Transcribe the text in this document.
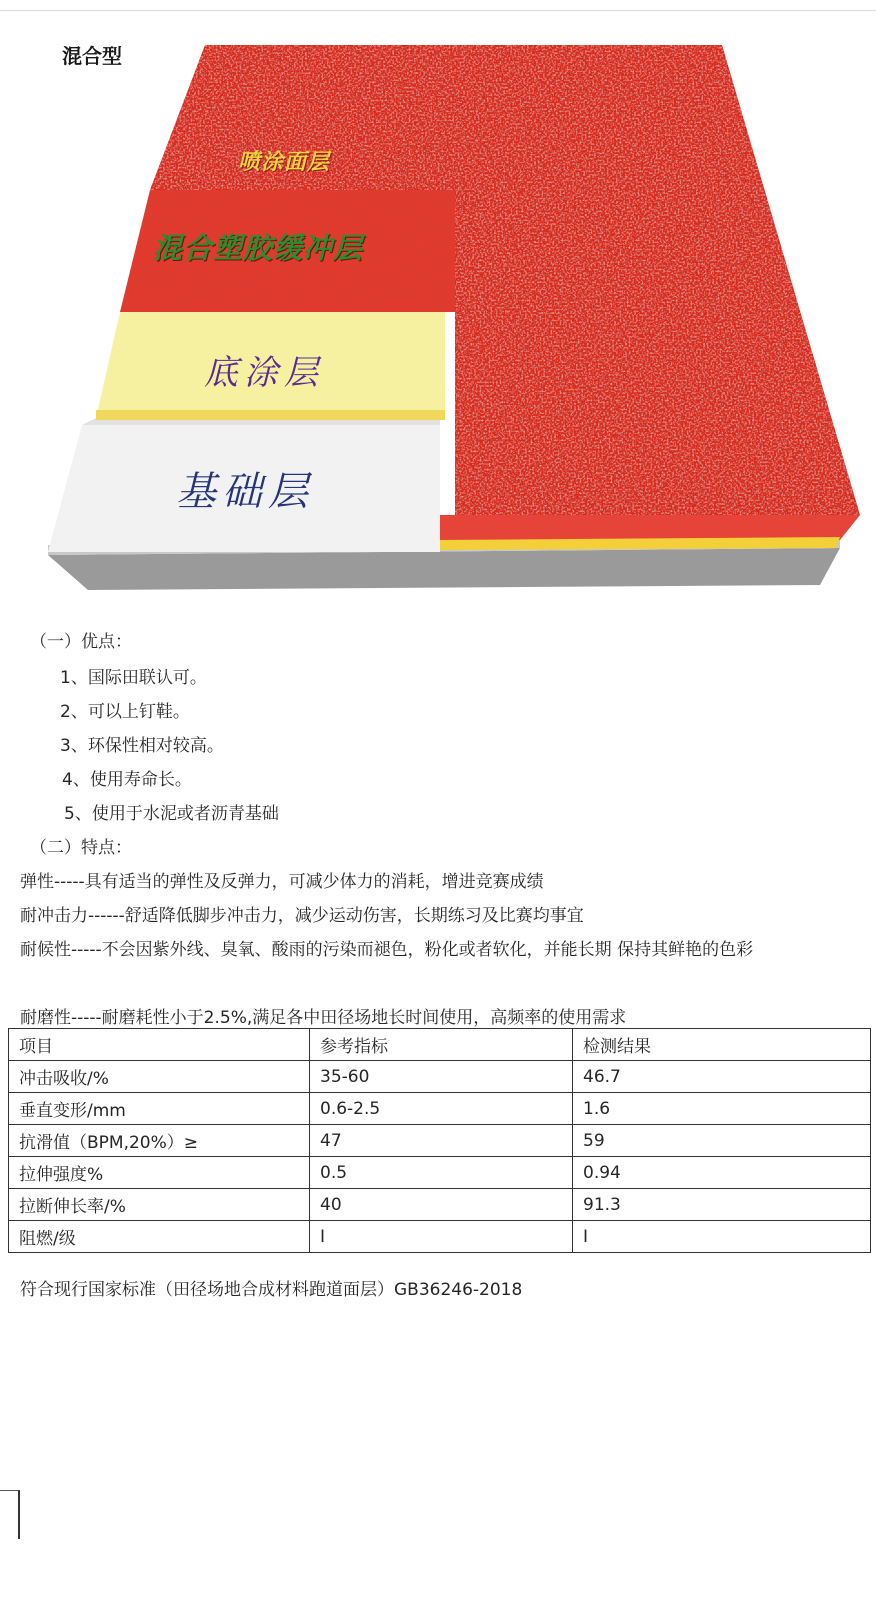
混合型
喷涂面层
混合塑胶缓冲层
底涂层
基础层
（一）优点：
1、国际田联认可。
2、可以上钉鞋。
3、环保性相对较高。
4、使用寿命长。
5、使用于水泥或者沥青基础
（二）特点：
弹性-----具有适当的弹性及反弹力，可减少体力的消耗，增进竞赛成绩
耐冲击力------舒适降低脚步冲击力，减少运动伤害，长期练习及比赛均事宜
耐候性-----不会因紫外线、臭氧、酸雨的污染而褪色，粉化或者软化，并能长期 保持其鲜艳的色彩
耐磨性-----耐磨耗性小于2.5%,满足各中田径场地长时间使用，高频率的使用需求
项目	参考指标	检测结果
冲击吸收/%	35-60	46.7
垂直变形/mm	0.6-2.5	1.6
抗滑值（BPM,20%）≥	47	59
拉伸强度%	0.5	0.94
拉断伸长率/%	40	91.3
阻燃/级	I	I
符合现行国家标准（田径场地合成材料跑道面层）GB36246-2018
